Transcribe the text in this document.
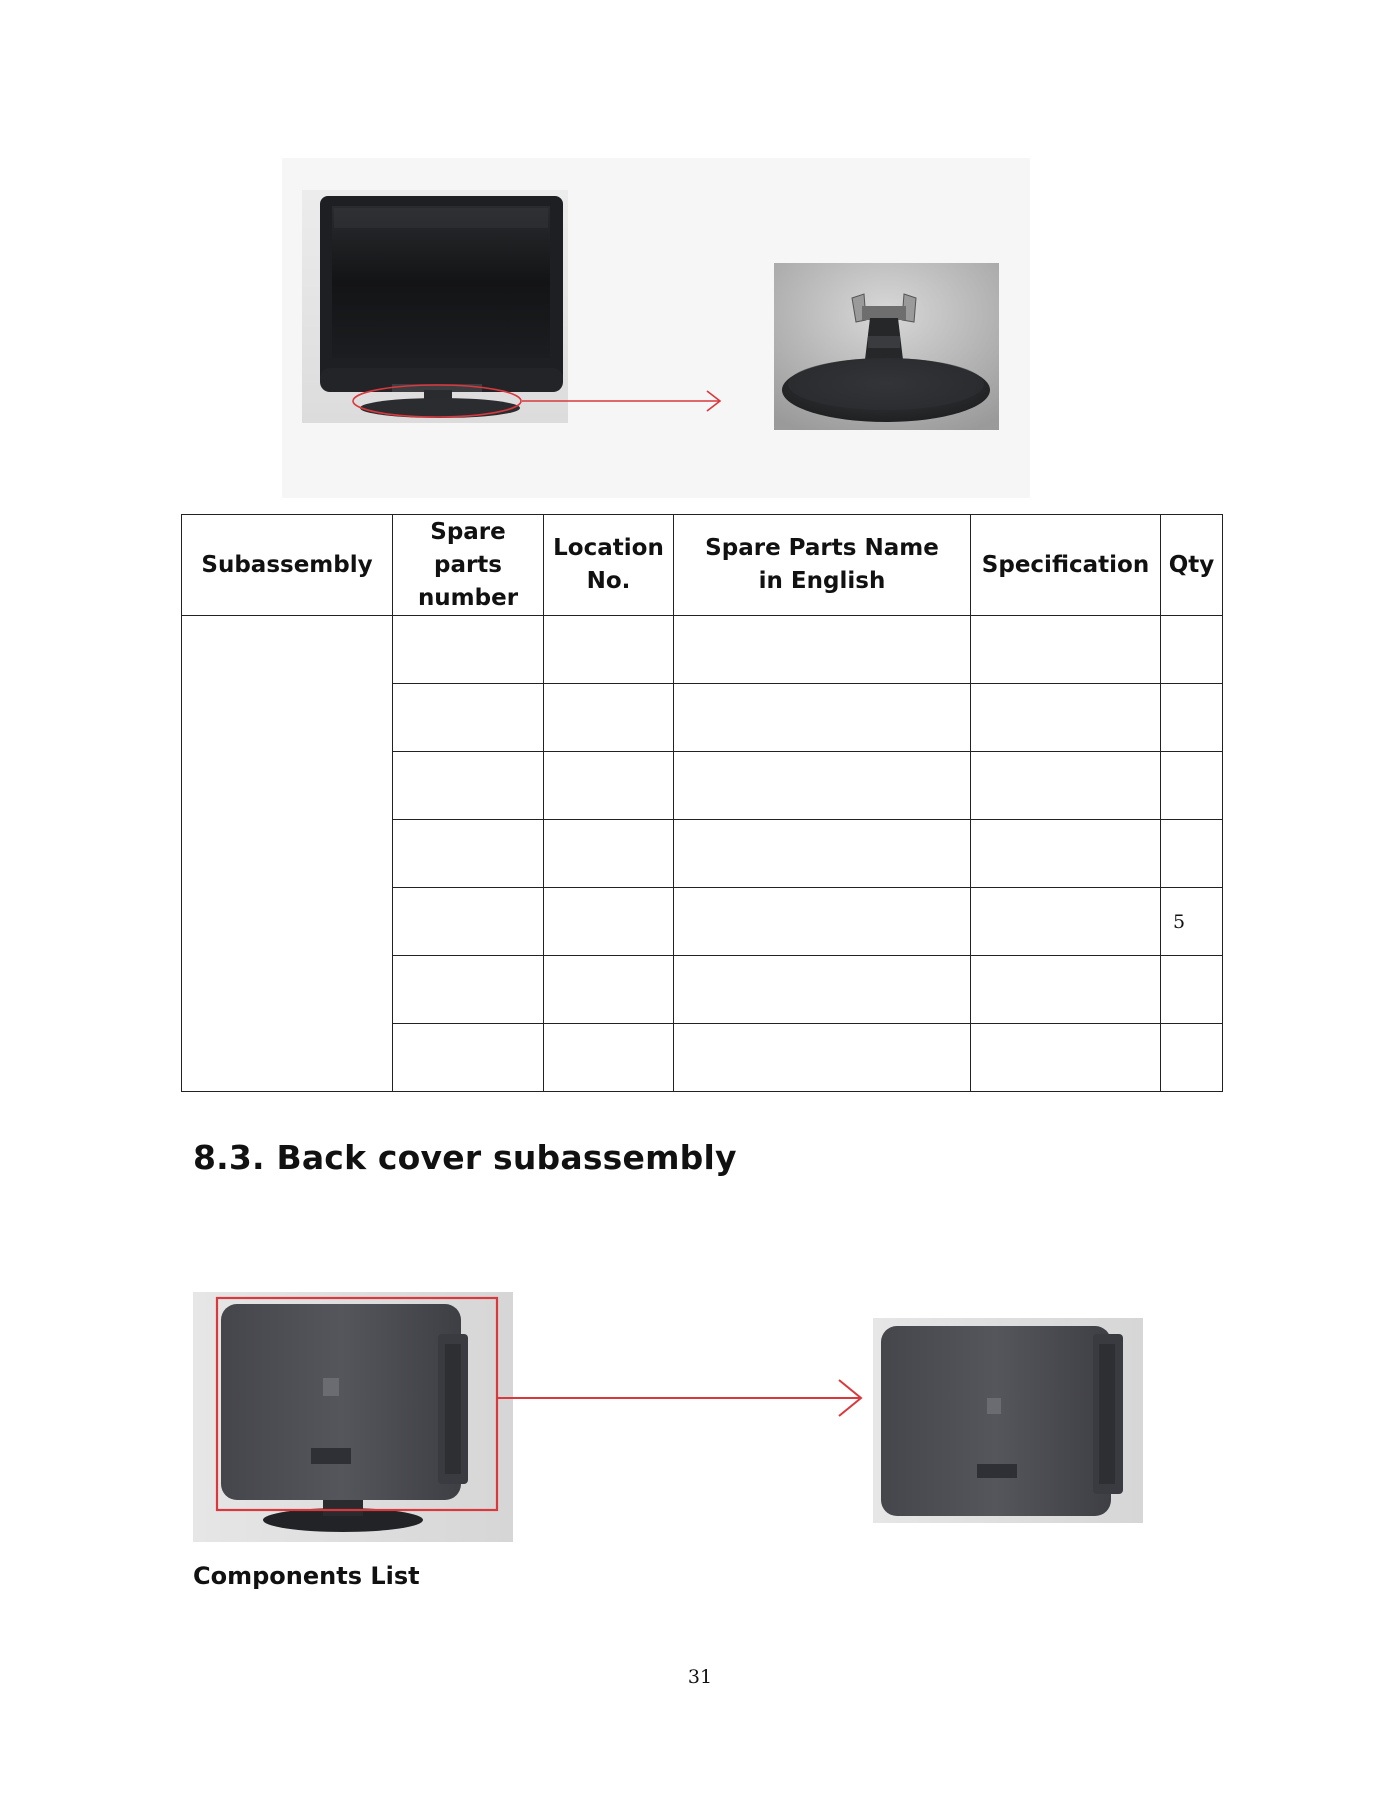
Subassembly	Spare parts number	Location No.	Spare Parts Name in English	Specification	Qty

					5

8.3. Back cover subassembly
Components List
31
